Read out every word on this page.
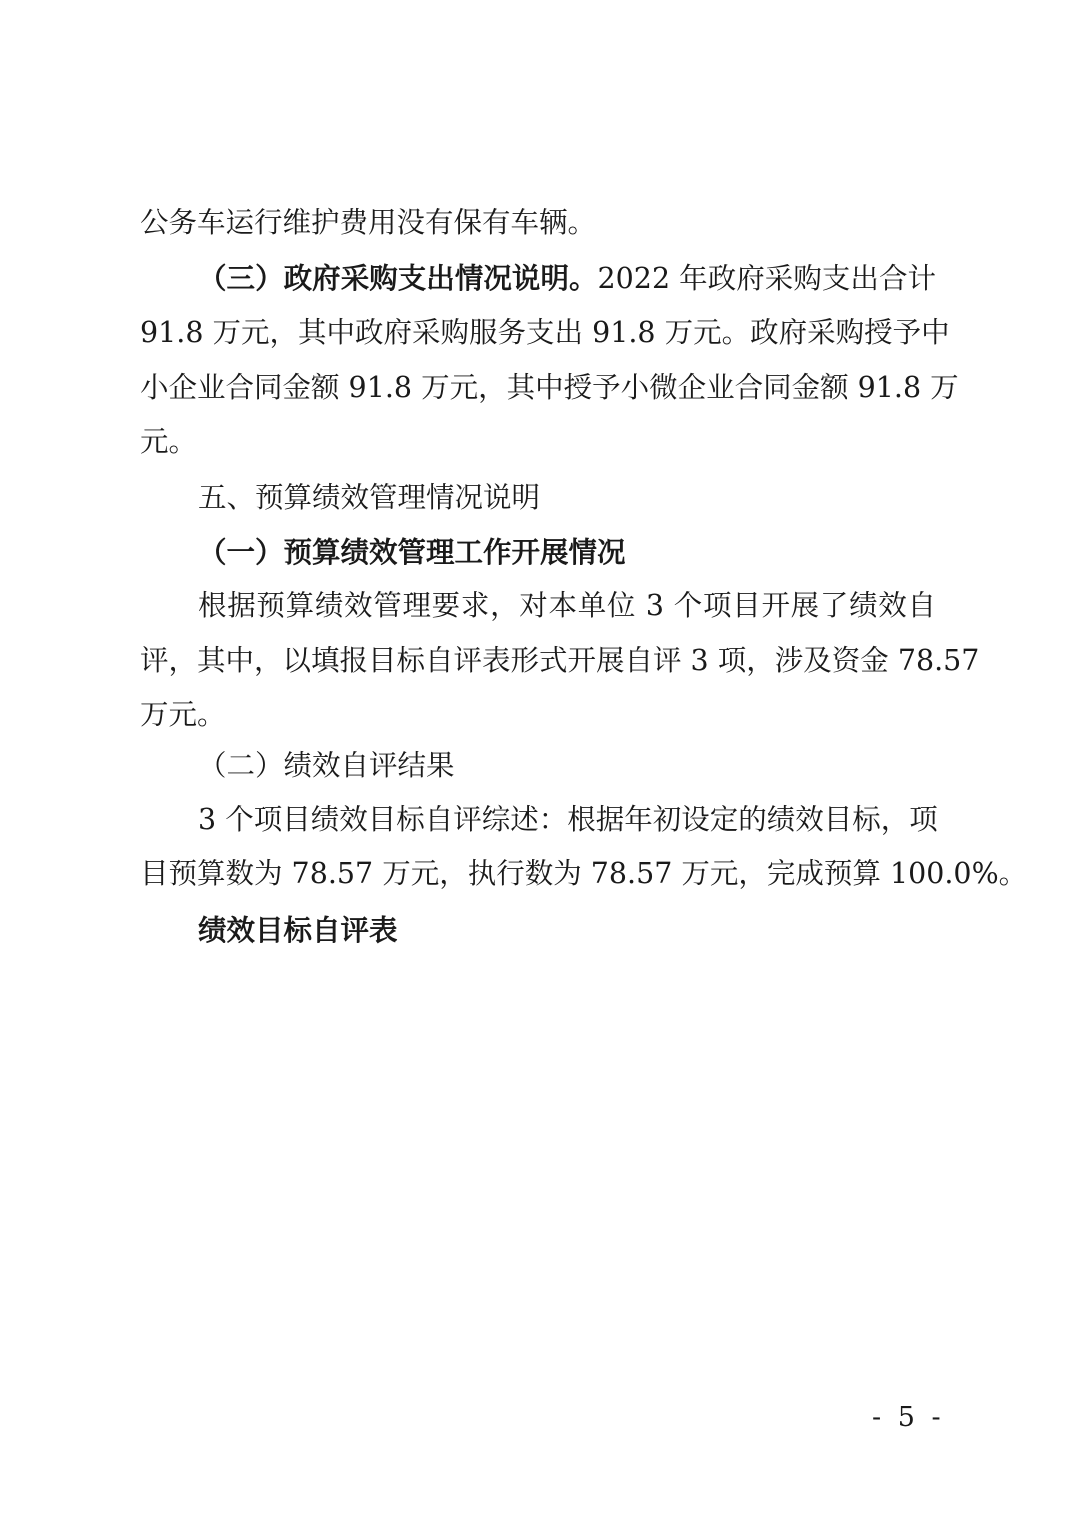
公务车运行维护费用没有保有车辆。
（三）政府采购支出情况说明。2022 年政府采购支出合计
91.8 万元，其中政府采购服务支出 91.8 万元。政府采购授予中
小企业合同金额 91.8 万元，其中授予小微企业合同金额 91.8 万
元。
五、预算绩效管理情况说明
（一）预算绩效管理工作开展情况
根据预算绩效管理要求，对本单位 3 个项目开展了绩效自
评，其中，以填报目标自评表形式开展自评 3 项，涉及资金 78.57
万元。
（二）绩效自评结果
3 个项目绩效目标自评综述：根据年初设定的绩效目标，项
目预算数为 78.57 万元，执行数为 78.57 万元，完成预算 100.0%。
绩效目标自评表
- 5 -
